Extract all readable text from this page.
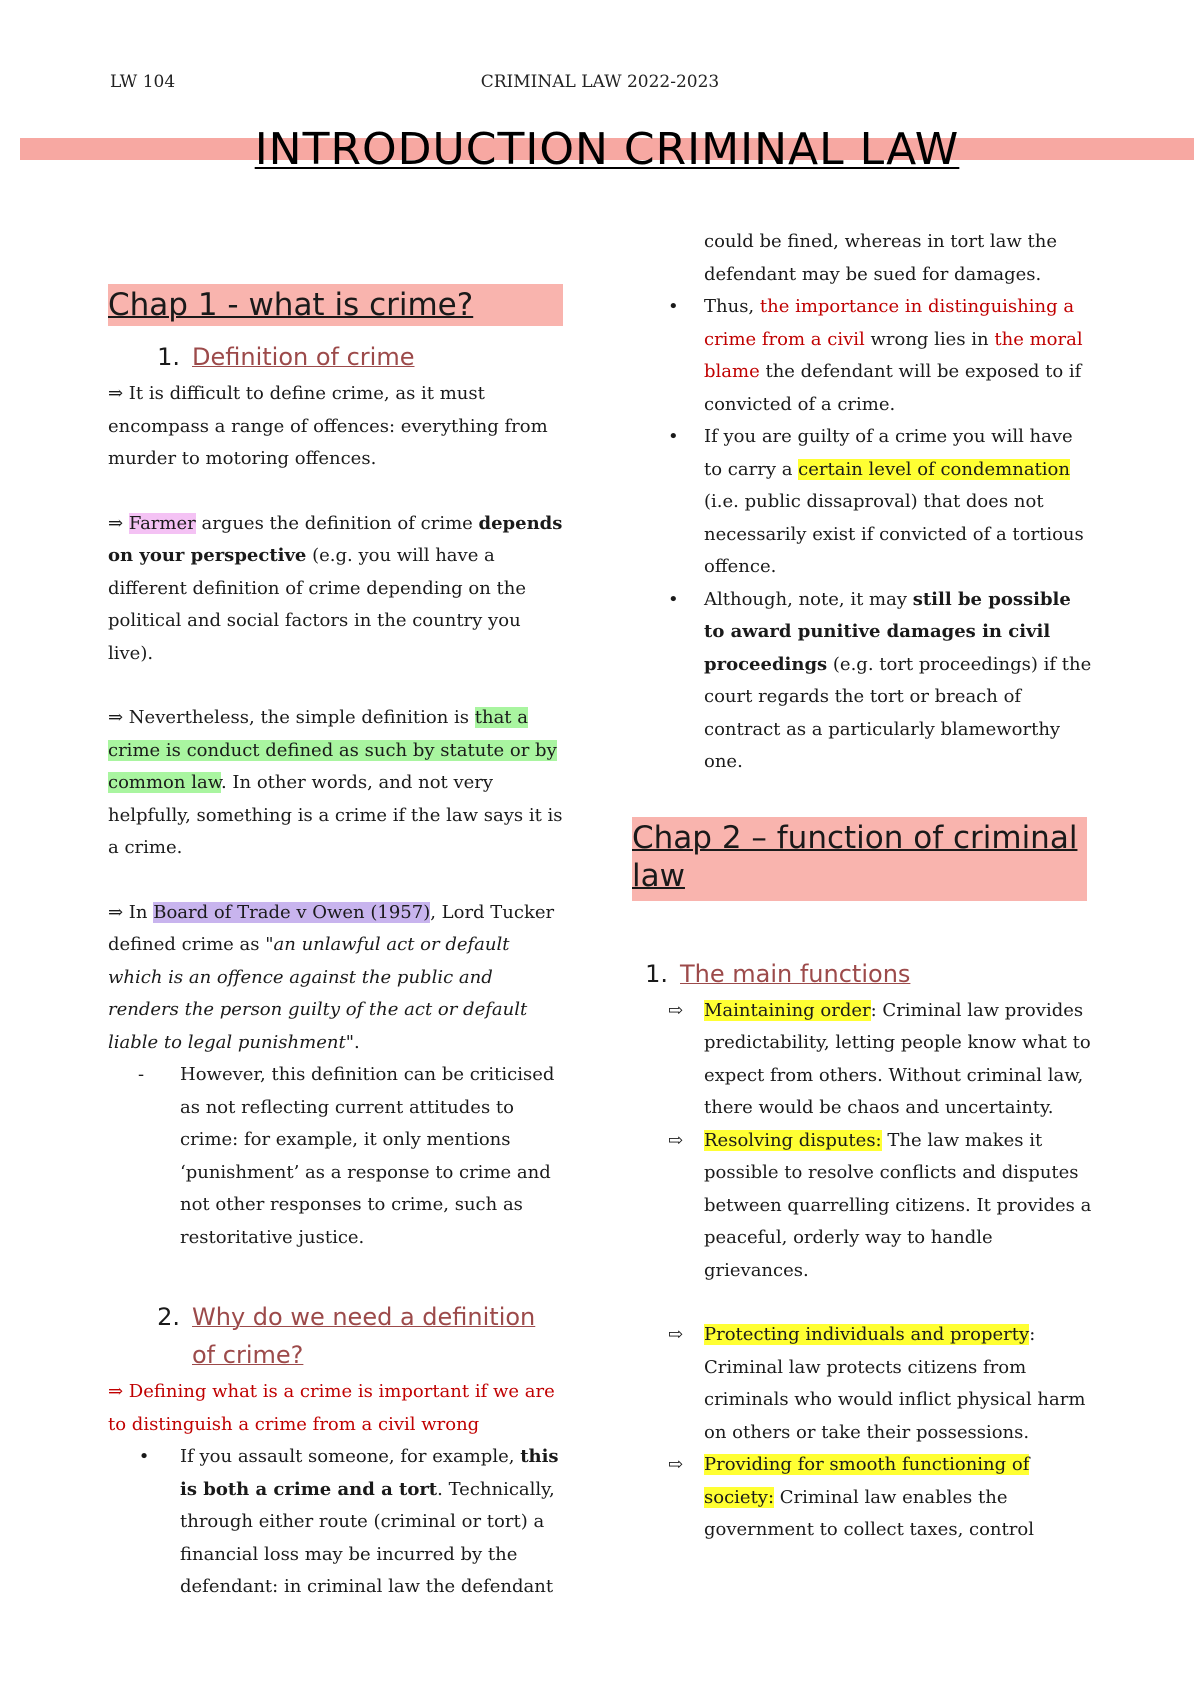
LW 104	CRIMINAL LAW 2022-2023
INTRODUCTION CRIMINAL LAW
Chap 1 - what is crime?
1. Definition of crime

⇒ It is difficult to define crime, as it must encompass a range of offences: everything from murder to motoring offences.

⇒ Farmer argues the definition of crime depends on your perspective (e.g. you will have a different definition of crime depending on the political and social factors in the country you live).

⇒ Nevertheless, the simple definition is that a crime is conduct defined as such by statute or by common law. In other words, and not very helpfully, something is a crime if the law says it is a crime.

⇒ In Board of Trade v Owen (1957), Lord Tucker defined crime as "an unlawful act or default which is an offence against the public and renders the person guilty of the act or default liable to legal punishment".

-	However, this definition can be criticised as not reflecting current attitudes to crime: for example, it only mentions ‘punishment’ as a response to crime and not other responses to crime, such as restoritative justice.

2. Why do we need a definition of crime?

⇒ Defining what is a crime is important if we are to distinguish a crime from a civil wrong

•	If you assault someone, for example, this is both a crime and a tort. Technically, through either route (criminal or tort) a financial loss may be incurred by the defendant: in criminal law the defendant

could be fined, whereas in tort law the defendant may be sued for damages.

• Thus, the importance in distinguishing a crime from a civil wrong lies in the moral blame the defendant will be exposed to if convicted of a crime.

• If you are guilty of a crime you will have to carry a certain level of condemnation (i.e. public dissaproval) that does not necessarily exist if convicted of a tortious offence.

• Although, note, it may still be possible to award punitive damages in civil proceedings (e.g. tort proceedings) if the court regards the tort or breach of contract as a particularly blameworthy one.

Chap 2 – function of criminal law
1. The main functions

⇨	Maintaining order: Criminal law provides predictability, letting people know what to expect from others. Without criminal law, there would be chaos and uncertainty.

⇨	Resolving disputes: The law makes it possible to resolve conflicts and disputes between quarrelling citizens. It provides a peaceful, orderly way to handle grievances.

⇨	Protecting individuals and property: Criminal law protects citizens from criminals who would inflict physical harm on others or take their possessions.

⇨	Providing for smooth functioning of society: Criminal law enables the government to collect taxes, control
